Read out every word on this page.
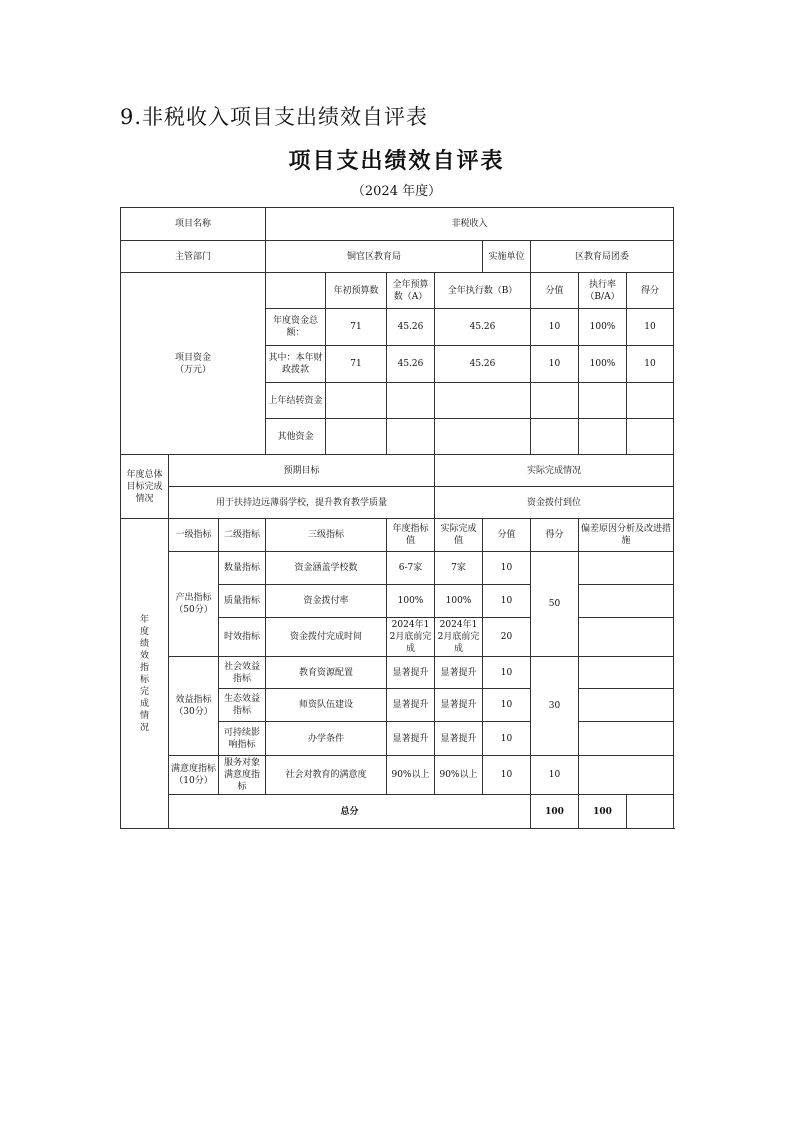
9.非税收入项目支出绩效自评表
项目支出绩效自评表
（2024 年度）
项目名称			非税收入							
主管部门			铜官区教育局				实施单位	区教育局团委		
项目资金
（万元）				年初预算数	全年预算数（A）	全年执行数（B）		分值	执行率（B/A）	得分
			年度资金总额：	71	45.26	45.26		10	100%	10
			其中：本年财政拨款	71	45.26	45.26		10	100%	10
			上年结转资金							
			其他资金							
年度总体目标完成情况	预期目标					实际完成情况				
	用于扶持边远薄弱学校，提升教育教学质量					资金拨付到位				
年度绩效指标完成情况	一级指标	二级指标	三级指标		年度指标值	实际完成值	分值	得分	偏差原因分析及改进措施	
	产出指标（50分）	数量指标	资金涵盖学校数		6-7家	7家	10	50		
		质量指标	资金拨付率		100%	100%	10			
		时效指标	资金拨付完成时间		2024年12月底前完成	2024年12月底前完成	20			
	效益指标（30分）	社会效益指标	教育资源配置		显著提升	显著提升	10	30		
		生态效益指标	师资队伍建设		显著提升	显著提升	10			
		可持续影响指标	办学条件		显著提升	显著提升	10			
	满意度指标（10分）	服务对象满意度指标	社会对教育的满意度		90%以上	90%以上	10	10		
	总分							100	100	
